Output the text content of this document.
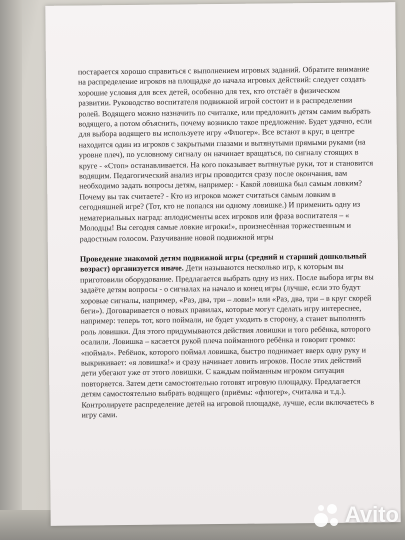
постарается хорошо справиться с выполнением игровых заданий. Обратите внимание на распределение игроков на площадке до начала игровых действий: следует создать хорошие условия для всех детей, особенно для тех, кто отстаёт в физическом развитии. Руководство воспитателя подвижной игрой состоит и в распределении ролей. Водящего можно назначить по считалке, или предложить детям самим выбрать водящего, а потом объяснить, почему возникло такое предложение. Будет удачно, если для выбора водящего вы используете игру «Флюгер». Все встают в круг, в центре находится один из игроков с закрытыми глазами и вытянутыми прямыми руками (на уровне плеч), по условному сигналу он начинает вращаться, по сигналу стоящих в круге - «Стоп» останавливается. На кого показывает вытянутые руки, тот и становится водящим. Педагогический анализ игры проводится сразу после окончания, вам необходимо задать вопросы детям, например: - Какой ловишка был самым ловким? Почему вы так считаете? - Кто из игроков может считаться самым ловким в сегодняшней игре? (Тот, кто не попался ни одному ловишке.) И применить одну из нематериальных наград: аплодисменты всех игроков или фраза воспитателя – « Молодцы! Вы сегодня самые ловкие игроки!», произнесённая торжественным и радостным голосом. Разучивание новой подвижной игры
Проведение знакомой детям подвижной игры (средний и старший дошкольный возраст) организуется иначе. Дети называются несколько игр, к которым вы приготовили оборудование. Предлагается выбрать одну из них. После выбора игры вы задаёте детям вопросы - о сигналах на начало и конец игры (лучше, если это будут хоровые сигналы, например, «Раз, два, три – лови!» или «Раз, два, три – в круг скорей беги»). Договаривается о новых правилах, которые могут сделать игру интереснее, например: теперь тот, кого поймали, не будет уходить в сторону, а станет выполнять роль ловишки. Для этого придумываются действия ловишки и того ребёнка, которого осалили. Ловишка – касается рукой плеча пойманного ребёнка и говорит громко: «поймал». Ребёнок, которого поймал ловишка, быстро поднимает вверх одну руку и выкрикивает: «я ловишка!» и сразу начинает ловить игроков. После этих действий дети убегают уже от этого ловишки. С каждым пойманным игроком ситуация повторяется. Затем дети самостоятельно готовят игровую площадку. Предлагается детям самостоятельно выбрать водящего (приёмы: «флюгер», считалка и т.д.). Контролируете распределение детей на игровой площадке, лучше, если включаетесь в игру сами.
Avito
